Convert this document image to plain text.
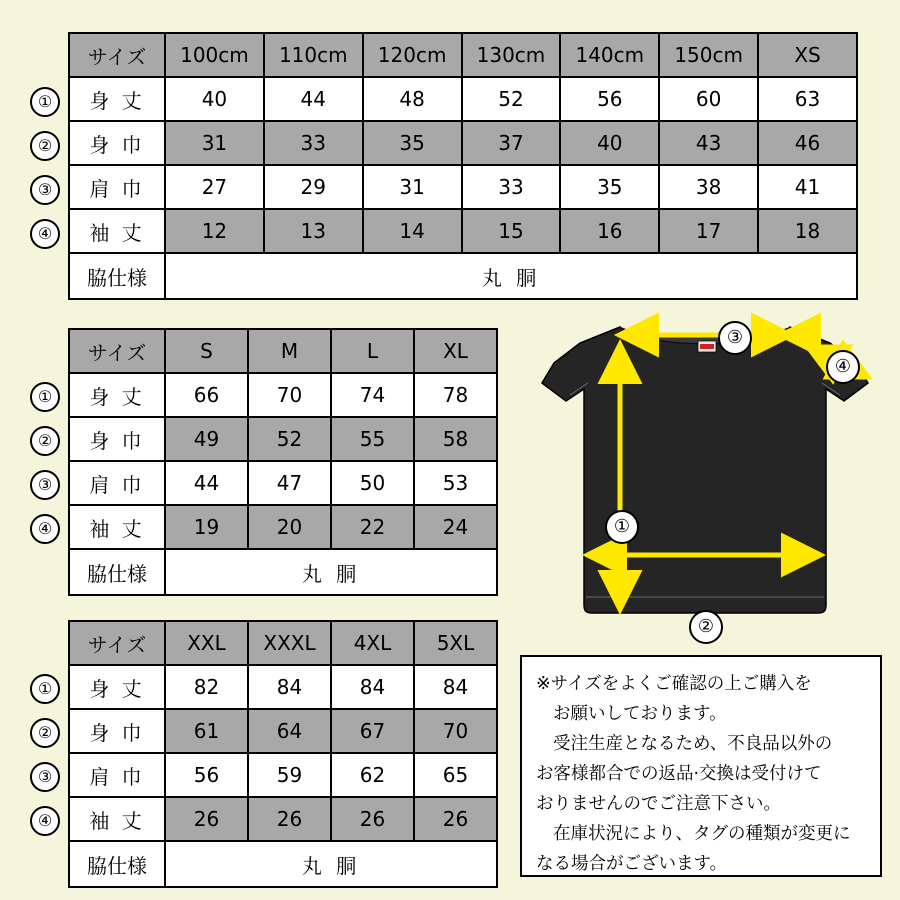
サイズ	100cm	110cm	120cm	130cm	140cm	150cm	XS
身 丈	40	44	48	52	56	60	63
身 巾	31	33	35	37	40	43	46
肩 巾	27	29	31	33	35	38	41
袖 丈	12	13	14	15	16	17	18
脇仕様	丸 胴						
①
②
③
④
サイズ	S	M	L	XL
身 丈	66	70	74	78
身 巾	49	52	55	58
肩 巾	44	47	50	53
袖 丈	19	20	22	24
脇仕様	丸 胴			
①
②
③
④
サイズ	XXL	XXXL	4XL	5XL
身 丈	82	84	84	84
身 巾	61	64	67	70
肩 巾	56	59	62	65
袖 丈	26	26	26	26
脇仕様	丸 胴			
①
②
③
④
③
④
①
②
※サイズをよくご確認の上ご購入を
お願いしております。
受注生産となるため、不良品以外の
お客様都合での返品·交換は受付けて
おりませんのでご注意下さい。
在庫状況により、タグの種類が変更に
なる場合がございます。
